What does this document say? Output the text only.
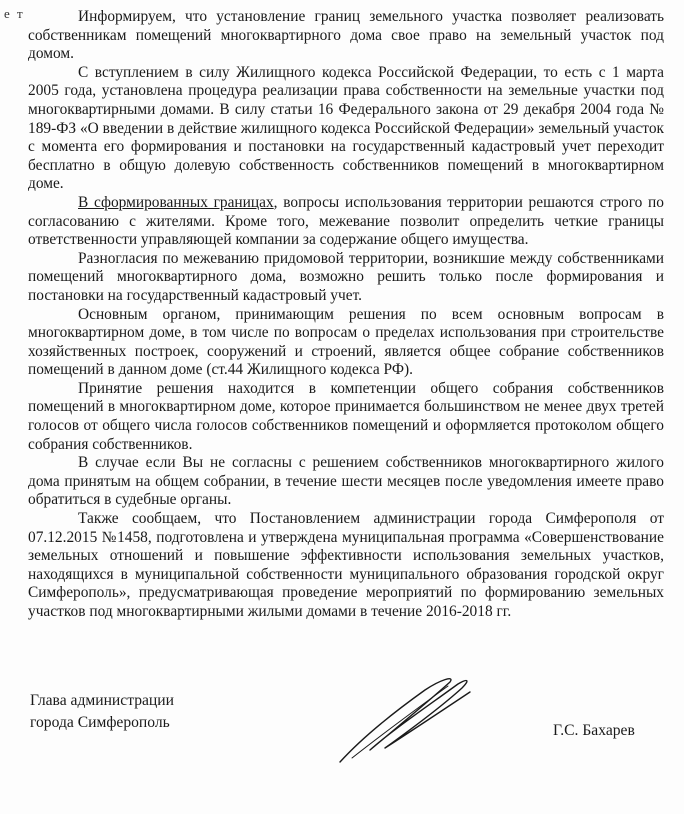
е т	Информируем, что установление границ земельного участка позволяет реализовать собственникам помещений многоквартирного дома свое право на земельный участок под домом.

С вступлением в силу Жилищного кодекса Российской Федерации, то есть с 1 марта 2005 года, установлена процедура реализации права собственности на земельные участки под многоквартирными домами. В силу статьи 16 Федерального закона от 29 декабря 2004 года № 189-ФЗ «О введении в действие жилищного кодекса Российской Федерации» земельный участок с момента его формирования и постановки на государственный кадастровый учет переходит бесплатно в общую долевую собственность собственников помещений в многоквартирном доме.

В сформированных границах, вопросы использования территории решаются строго по согласованию с жителями. Кроме того, межевание позволит определить четкие границы ответственности управляющей компании за содержание общего имущества.

Разногласия по межеванию придомовой территории, возникшие между собственниками помещений многоквартирного дома, возможно решить только после формирования и постановки на государственный кадастровый учет.

Основным органом, принимающим решения по всем основным вопросам в многоквартирном доме, в том числе по вопросам о пределах использования при строительстве хозяйственных построек, сооружений и строений, является общее собрание собственников помещений в данном доме (ст.44 Жилищного кодекса РФ).

Принятие решения находится в компетенции общего собрания собственников помещений в многоквартирном доме, которое принимается большинством не менее двух третей голосов от общего числа голосов собственников помещений и оформляется протоколом общего собрания собственников.

В случае если Вы не согласны с решением собственников многоквартирного жилого дома принятым на общем собрании, в течение шести месяцев после уведомления имеете право обратиться в судебные органы.

Также сообщаем, что Постановлением администрации города Симферополя от 07.12.2015 №1458, подготовлена и утверждена муниципальная программа «Совершенствование земельных отношений и повышение эффективности использования земельных участков, находящихся в муниципальной собственности муниципального образования городской округ Симферополь», предусматривающая проведение мероприятий по формированию земельных участков под многоквартирными жилыми домами в течение 2016-2018 гг.

Глава администрации
города Симферополь	Г.С. Бахарев
